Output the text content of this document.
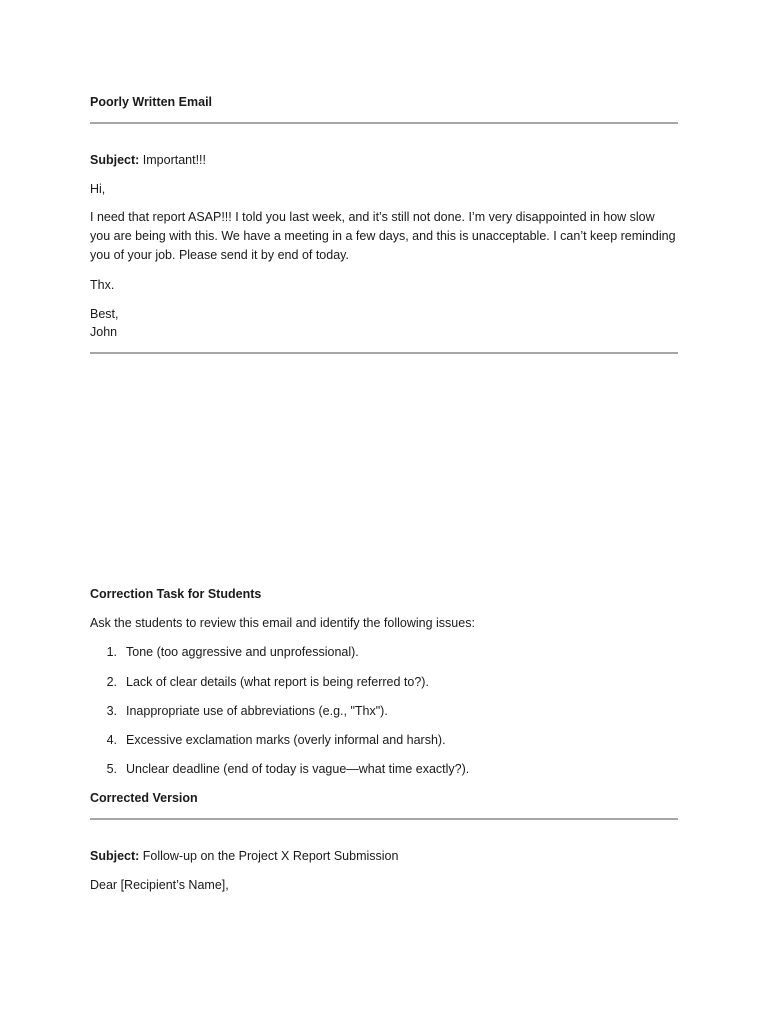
Poorly Written Email
Subject: Important!!!
Hi,
I need that report ASAP!!! I told you last week, and it’s still not done. I’m very disappointed in how slow you are being with this. We have a meeting in a few days, and this is unacceptable. I can’t keep reminding you of your job. Please send it by end of today.
Thx.
Best,
John
Correction Task for Students
Ask the students to review this email and identify the following issues:
1. Tone (too aggressive and unprofessional).
2. Lack of clear details (what report is being referred to?).
3. Inappropriate use of abbreviations (e.g., "Thx").
4. Excessive exclamation marks (overly informal and harsh).
5. Unclear deadline (end of today is vague—what time exactly?).
Corrected Version
Subject: Follow-up on the Project X Report Submission
Dear [Recipient’s Name],
